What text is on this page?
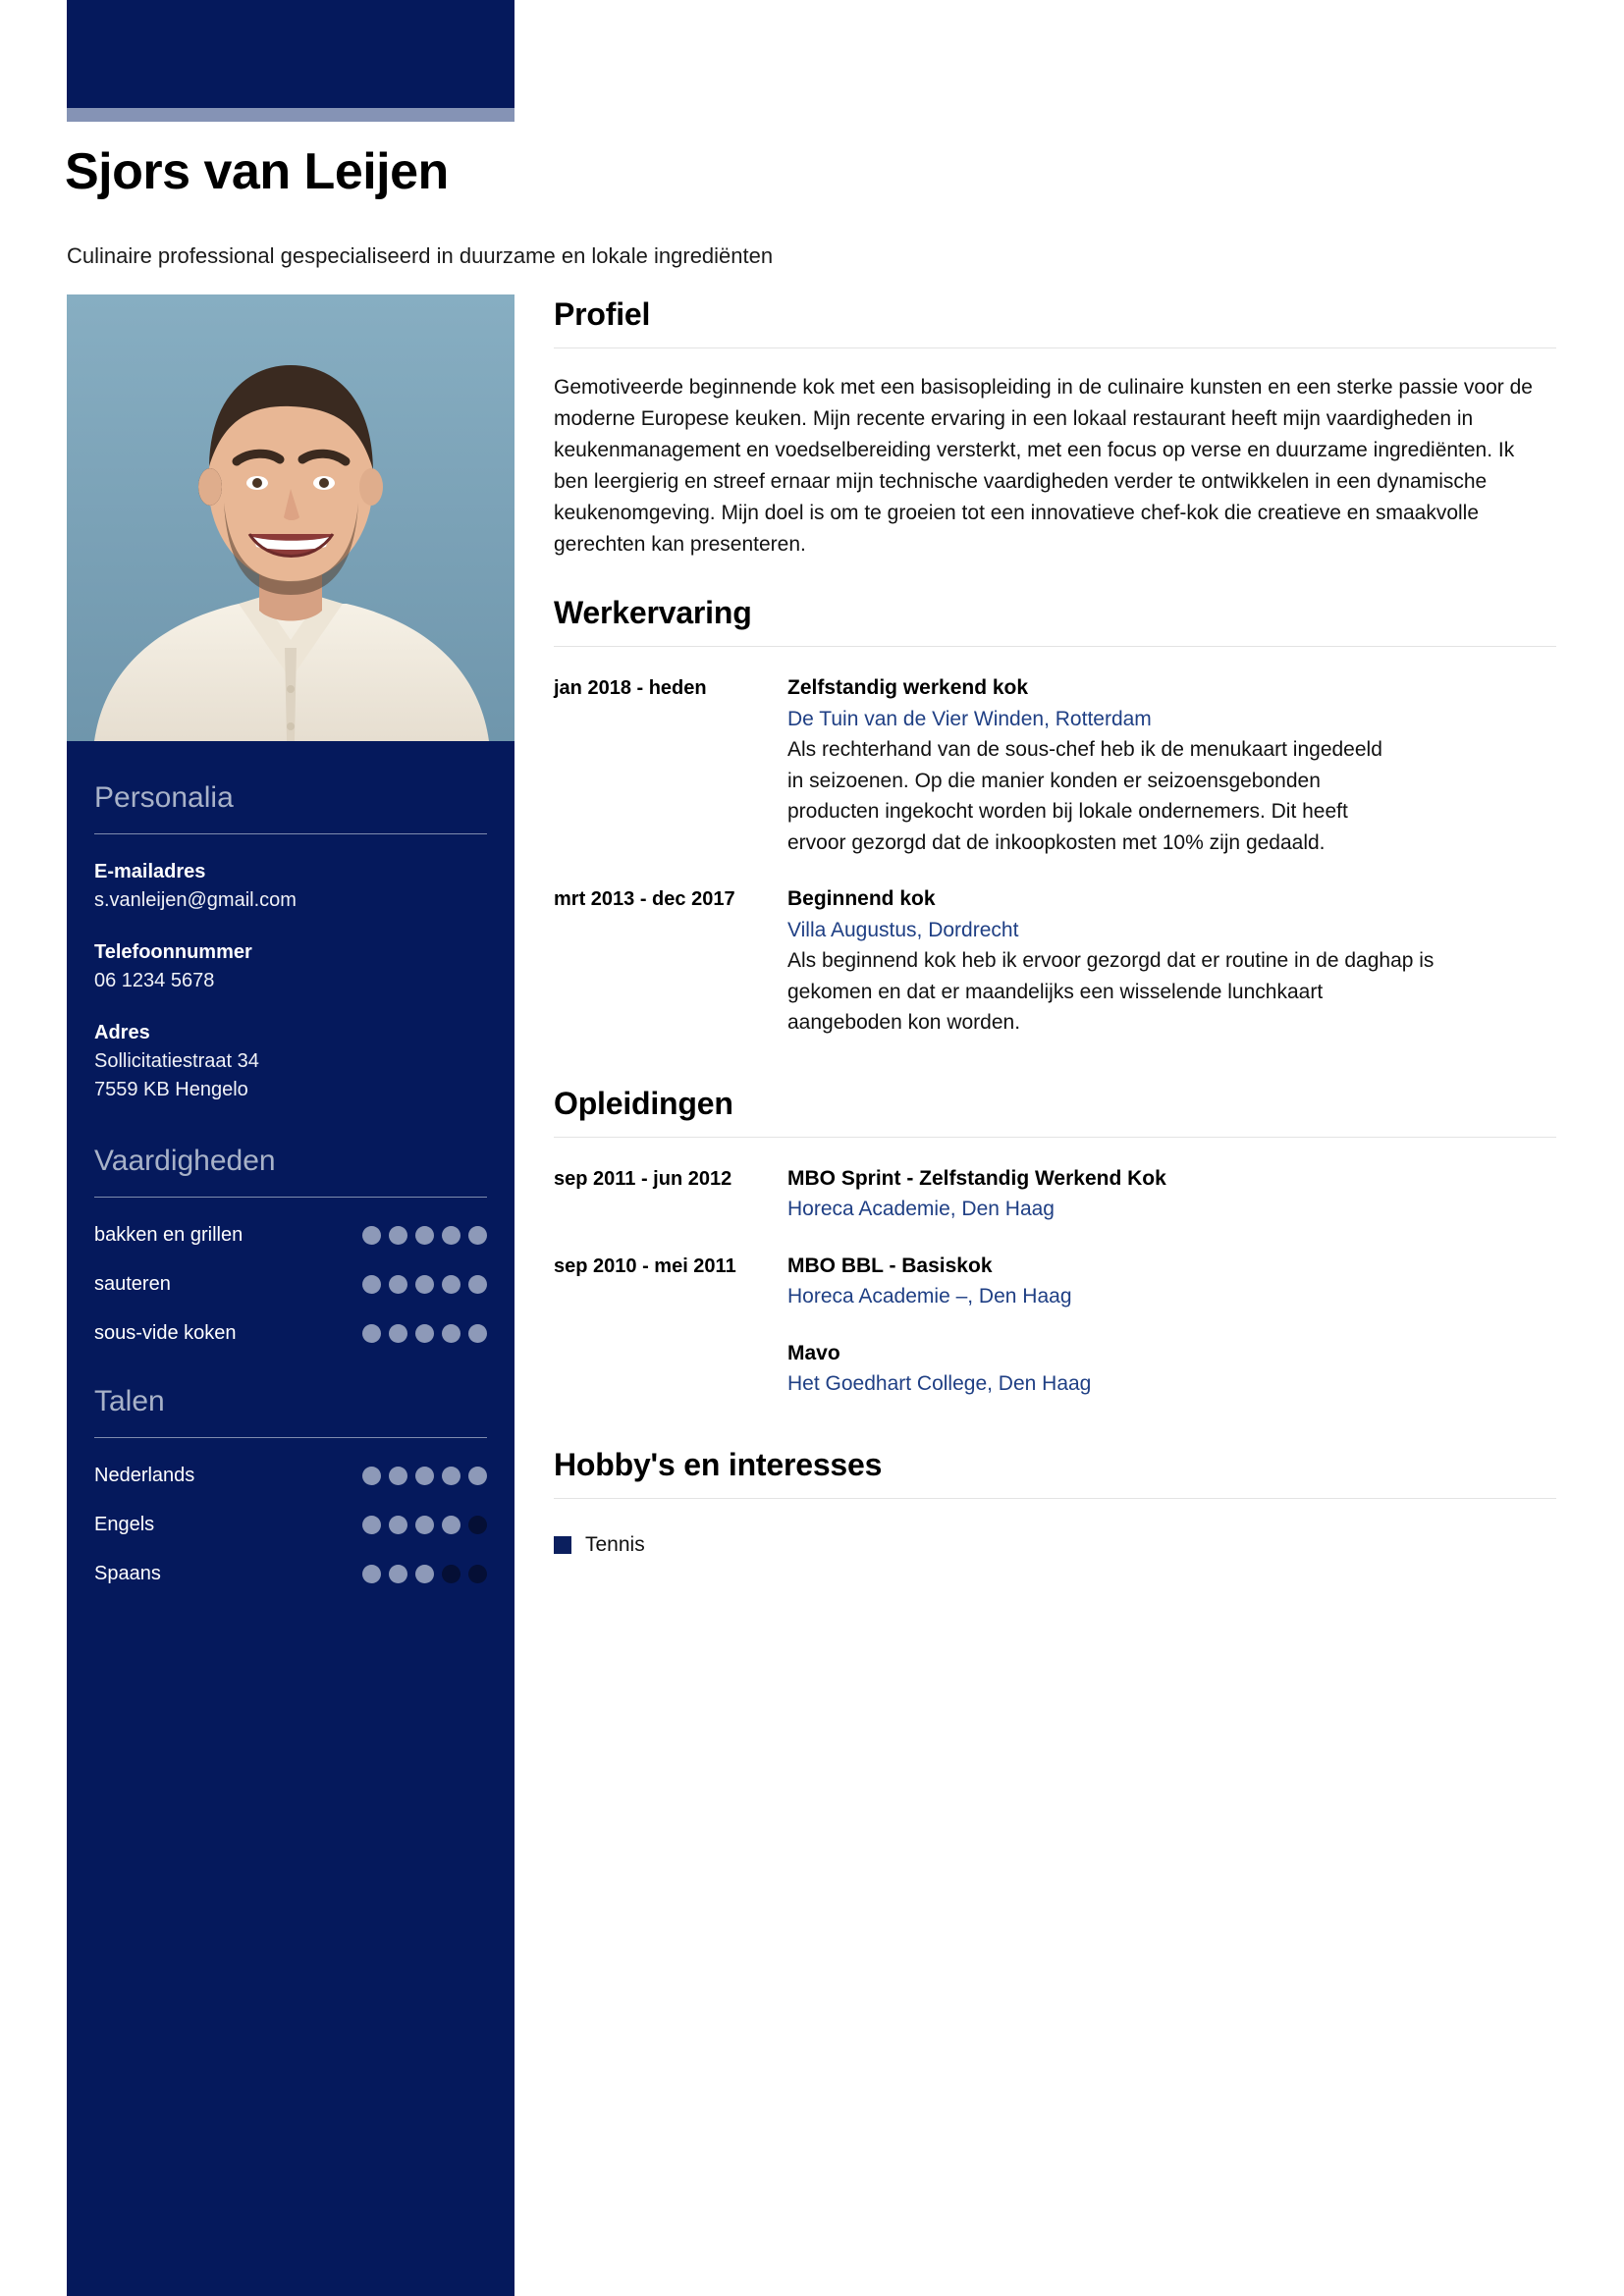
Sjors van Leijen
Culinaire professional gespecialiseerd in duurzame en lokale ingrediënten
Personalia
E-mailadres
s.vanleijen@gmail.com
Telefoonnummer
06 1234 5678
Adres
Sollicitatiestraat 34
7559 KB Hengelo
Vaardigheden
bakken en grillen
sauteren
sous-vide koken
Talen
Nederlands
Engels
Spaans
Profiel

Gemotiveerde beginnende kok met een basisopleiding in de culinaire kunsten en een sterke passie voor de moderne Europese keuken. Mijn recente ervaring in een lokaal restaurant heeft mijn vaardigheden in keukenmanagement en voedselbereiding versterkt, met een focus op verse en duurzame ingrediënten. Ik ben leergierig en streef ernaar mijn technische vaardigheden verder te ontwikkelen in een dynamische keukenomgeving. Mijn doel is om te groeien tot een innovatieve chef-kok die creatieve en smaakvolle gerechten kan presenteren.

Werkervaring
jan 2018 - heden	Zelfstandig werkend kok
De Tuin van de Vier Winden, Rotterdam
Als rechterhand van de sous-chef heb ik de menukaart ingedeeld in seizoenen. Op die manier konden er seizoensgebonden producten ingekocht worden bij lokale ondernemers. Dit heeft ervoor gezorgd dat de inkoopkosten met 10% zijn gedaald.
mrt 2013 - dec 2017	Beginnend kok
Villa Augustus, Dordrecht
Als beginnend kok heb ik ervoor gezorgd dat er routine in de daghap is gekomen en dat er maandelijks een wisselende lunchkaart aangeboden kon worden.
Opleidingen
sep 2011 - jun 2012	MBO Sprint - Zelfstandig Werkend Kok
Horeca Academie, Den Haag
sep 2010 - mei 2011	MBO BBL - Basiskok
Horeca Academie –, Den Haag
Mavo
Het Goedhart College, Den Haag
Hobby's en interesses
Tennis
